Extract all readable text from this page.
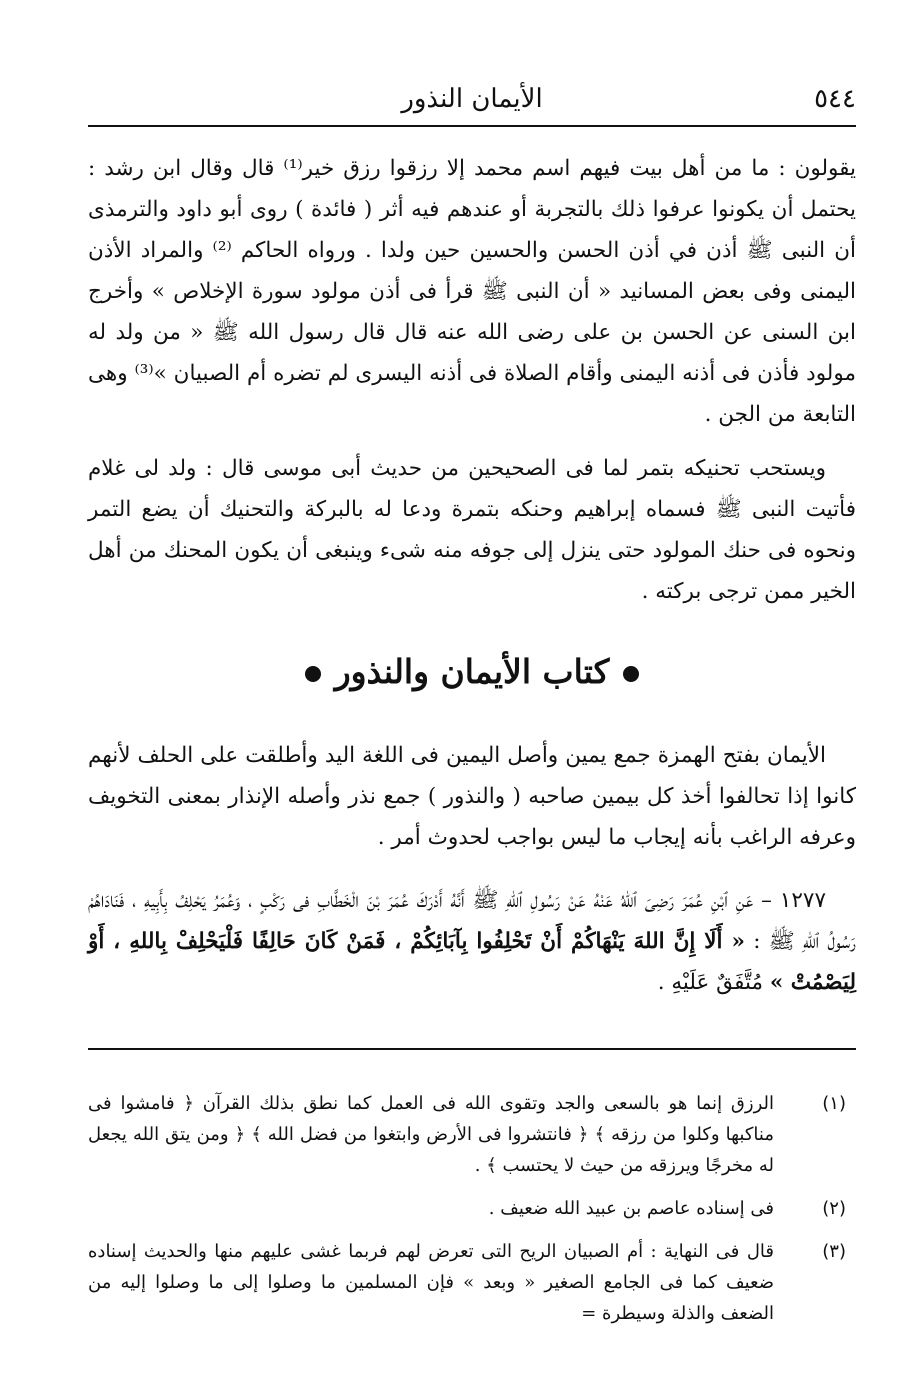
٥٤٤
الأيمان النذور

يقولون : ما من أهل بيت فيهم اسم محمد إلا رزقوا رزق خير⁽¹⁾ قال وقال ابن رشد : يحتمل أن يكونوا عرفوا ذلك بالتجربة أو عندهم فيه أثر ( فائدة ) روى أبو داود والترمذى أن النبى ﷺ أذن في أذن الحسن والحسين حين ولدا . ورواه الحاكم ⁽²⁾ والمراد الأذن اليمنى وفى بعض المسانيد « أن النبى ﷺ قرأ فى أذن مولود سورة الإخلاص » وأخرج ابن السنى عن الحسن بن على رضى الله عنه قال قال رسول الله ﷺ « من ولد له مولود فأذن فى أذنه اليمنى وأقام الصلاة فى أذنه اليسرى لم تضره أم الصبيان »⁽³⁾ وهى التابعة من الجن .

ويستحب تحنيكه بتمر لما فى الصحيحين من حديث أبى موسى قال : ولد لى غلام فأتيت النبى ﷺ فسماه إبراهيم وحنكه بتمرة ودعا له بالبركة والتحنيك أن يضع التمر ونحوه فى حنك المولود حتى ينزل إلى جوفه منه شىء وينبغى أن يكون المحنك من أهل الخير ممن ترجى بركته .

كتاب الأيمان والنذور

الأيمان بفتح الهمزة جمع يمين وأصل اليمين فى اللغة اليد وأطلقت على الحلف لأنهم كانوا إذا تحالفوا أخذ كل بيمين صاحبه ( والنذور ) جمع نذر وأصله الإنذار بمعنى التخويف وعرفه الراغب بأنه إيجاب ما ليس بواجب لحدوث أمر .

١٢٧٧ – عَنِ ٱبْنِ عُمَرَ رَضِىَ ٱللهُ عَنْهُ عَنْ رَسُولِ ٱللهِ ﷺ أَنَّهُ أَدْرَكَ عُمَرَ بْنَ الْخَطَّابِ فى رَكْبٍ ، وَعُمَرُ يَحْلِفُ بِأَبِيهِ ، فَنَادَاهُمْ رَسُولُ ٱللهِ ﷺ : « أَلَا إِنَّ اللهَ يَنْهَاكُمْ أَنْ تَحْلِفُوا بِآبَائِكُمْ ، فَمَنْ كَانَ حَالِفًا فَلْيَحْلِفْ بِاللهِ ، أَوْ لِيَصْمُتْ » مُتَّفَقٌ عَلَيْهِ .

(١)
الرزق إنما هو بالسعى والجد وتقوى الله فى العمل كما نطق بذلك القرآن ﴿ فامشوا فى مناكبها وكلوا من رزقه ﴾ ﴿ فانتشروا فى الأرض وابتغوا من فضل الله ﴾ ﴿ ومن يتق الله يجعل له مخرجًا ويرزقه من حيث لا يحتسب ﴾ .
(٢)
فى إسناده عاصم بن عبيد الله ضعيف .
(٣)
قال فى النهاية : أم الصبيان الريح التى تعرض لهم فربما غشى عليهم منها والحديث إسناده ضعيف كما فى الجامع الصغير « وبعد » فإن المسلمين ما وصلوا إلى ما وصلوا إليه من الضعف والذلة وسيطرة =
